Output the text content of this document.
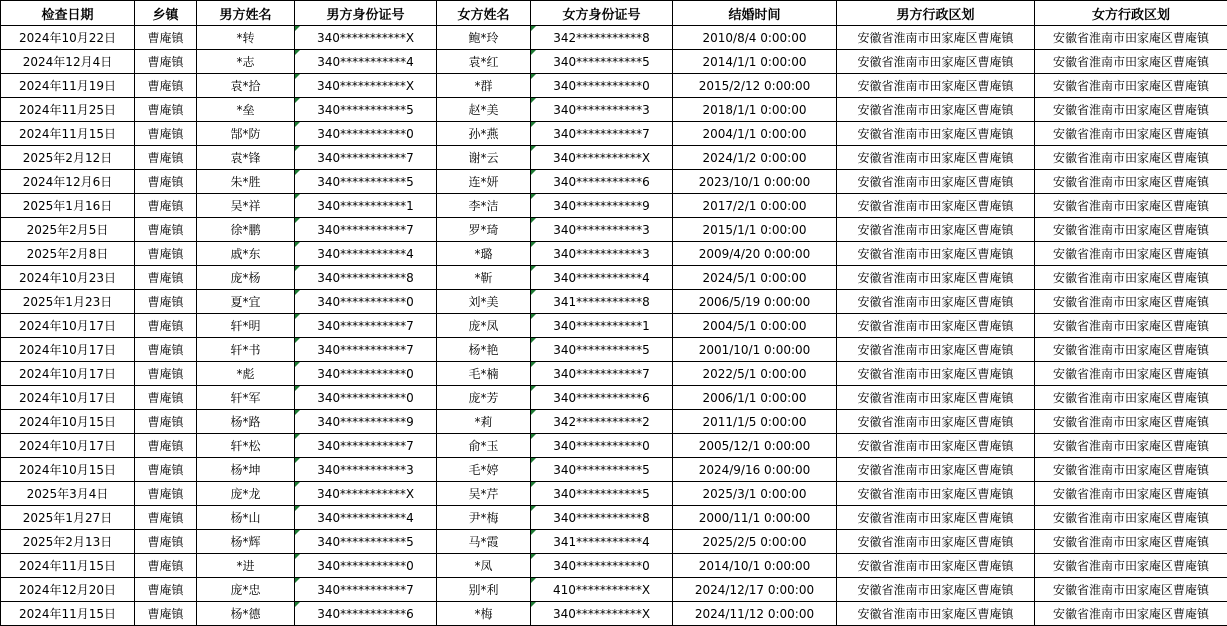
检查日期	乡镇	男方姓名	男方身份证号	女方姓名	女方身份证号	结婚时间	男方行政区划	女方行政区划
2024年10月22日	曹庵镇	*转	340***********X	鲍*玲	342***********8	2010/8/4 0:00:00	安徽省淮南市田家庵区曹庵镇	安徽省淮南市田家庵区曹庵镇
2024年12月4日	曹庵镇	*志	340***********4	袁*红	340***********5	2014/1/1 0:00:00	安徽省淮南市田家庵区曹庵镇	安徽省淮南市田家庵区曹庵镇
2024年11月19日	曹庵镇	袁*拾	340***********X	*群	340***********0	2015/2/12 0:00:00	安徽省淮南市田家庵区曹庵镇	安徽省淮南市田家庵区曹庵镇
2024年11月25日	曹庵镇	*垒	340***********5	赵*美	340***********3	2018/1/1 0:00:00	安徽省淮南市田家庵区曹庵镇	安徽省淮南市田家庵区曹庵镇
2024年11月15日	曹庵镇	郜*防	340***********0	孙*燕	340***********7	2004/1/1 0:00:00	安徽省淮南市田家庵区曹庵镇	安徽省淮南市田家庵区曹庵镇
2025年2月12日	曹庵镇	袁*锋	340***********7	谢*云	340***********X	2024/1/2 0:00:00	安徽省淮南市田家庵区曹庵镇	安徽省淮南市田家庵区曹庵镇
2024年12月6日	曹庵镇	朱*胜	340***********5	连*妍	340***********6	2023/10/1 0:00:00	安徽省淮南市田家庵区曹庵镇	安徽省淮南市田家庵区曹庵镇
2025年1月16日	曹庵镇	吴*祥	340***********1	李*洁	340***********9	2017/2/1 0:00:00	安徽省淮南市田家庵区曹庵镇	安徽省淮南市田家庵区曹庵镇
2025年2月5日	曹庵镇	徐*鹏	340***********7	罗*琦	340***********3	2015/1/1 0:00:00	安徽省淮南市田家庵区曹庵镇	安徽省淮南市田家庵区曹庵镇
2025年2月8日	曹庵镇	戚*东	340***********4	*璐	340***********3	2009/4/20 0:00:00	安徽省淮南市田家庵区曹庵镇	安徽省淮南市田家庵区曹庵镇
2024年10月23日	曹庵镇	庞*杨	340***********8	*靳	340***********4	2024/5/1 0:00:00	安徽省淮南市田家庵区曹庵镇	安徽省淮南市田家庵区曹庵镇
2025年1月23日	曹庵镇	夏*宜	340***********0	刘*美	341***********8	2006/5/19 0:00:00	安徽省淮南市田家庵区曹庵镇	安徽省淮南市田家庵区曹庵镇
2024年10月17日	曹庵镇	轩*明	340***********7	庞*凤	340***********1	2004/5/1 0:00:00	安徽省淮南市田家庵区曹庵镇	安徽省淮南市田家庵区曹庵镇
2024年10月17日	曹庵镇	轩*书	340***********7	杨*艳	340***********5	2001/10/1 0:00:00	安徽省淮南市田家庵区曹庵镇	安徽省淮南市田家庵区曹庵镇
2024年10月17日	曹庵镇	*彪	340***********0	毛*楠	340***********7	2022/5/1 0:00:00	安徽省淮南市田家庵区曹庵镇	安徽省淮南市田家庵区曹庵镇
2024年10月17日	曹庵镇	轩*军	340***********0	庞*芳	340***********6	2006/1/1 0:00:00	安徽省淮南市田家庵区曹庵镇	安徽省淮南市田家庵区曹庵镇
2024年10月15日	曹庵镇	杨*路	340***********9	*莉	342***********2	2011/1/5 0:00:00	安徽省淮南市田家庵区曹庵镇	安徽省淮南市田家庵区曹庵镇
2024年10月17日	曹庵镇	轩*松	340***********7	俞*玉	340***********0	2005/12/1 0:00:00	安徽省淮南市田家庵区曹庵镇	安徽省淮南市田家庵区曹庵镇
2024年10月15日	曹庵镇	杨*坤	340***********3	毛*婷	340***********5	2024/9/16 0:00:00	安徽省淮南市田家庵区曹庵镇	安徽省淮南市田家庵区曹庵镇
2025年3月4日	曹庵镇	庞*龙	340***********X	吴*芹	340***********5	2025/3/1 0:00:00	安徽省淮南市田家庵区曹庵镇	安徽省淮南市田家庵区曹庵镇
2025年1月27日	曹庵镇	杨*山	340***********4	尹*梅	340***********8	2000/11/1 0:00:00	安徽省淮南市田家庵区曹庵镇	安徽省淮南市田家庵区曹庵镇
2025年2月13日	曹庵镇	杨*辉	340***********5	马*霞	341***********4	2025/2/5 0:00:00	安徽省淮南市田家庵区曹庵镇	安徽省淮南市田家庵区曹庵镇
2024年11月15日	曹庵镇	*进	340***********0	*凤	340***********0	2014/10/1 0:00:00	安徽省淮南市田家庵区曹庵镇	安徽省淮南市田家庵区曹庵镇
2024年12月20日	曹庵镇	庞*忠	340***********7	别*利	410***********X	2024/12/17 0:00:00	安徽省淮南市田家庵区曹庵镇	安徽省淮南市田家庵区曹庵镇
2024年11月15日	曹庵镇	杨*德	340***********6	*梅	340***********X	2024/11/12 0:00:00	安徽省淮南市田家庵区曹庵镇	安徽省淮南市田家庵区曹庵镇
